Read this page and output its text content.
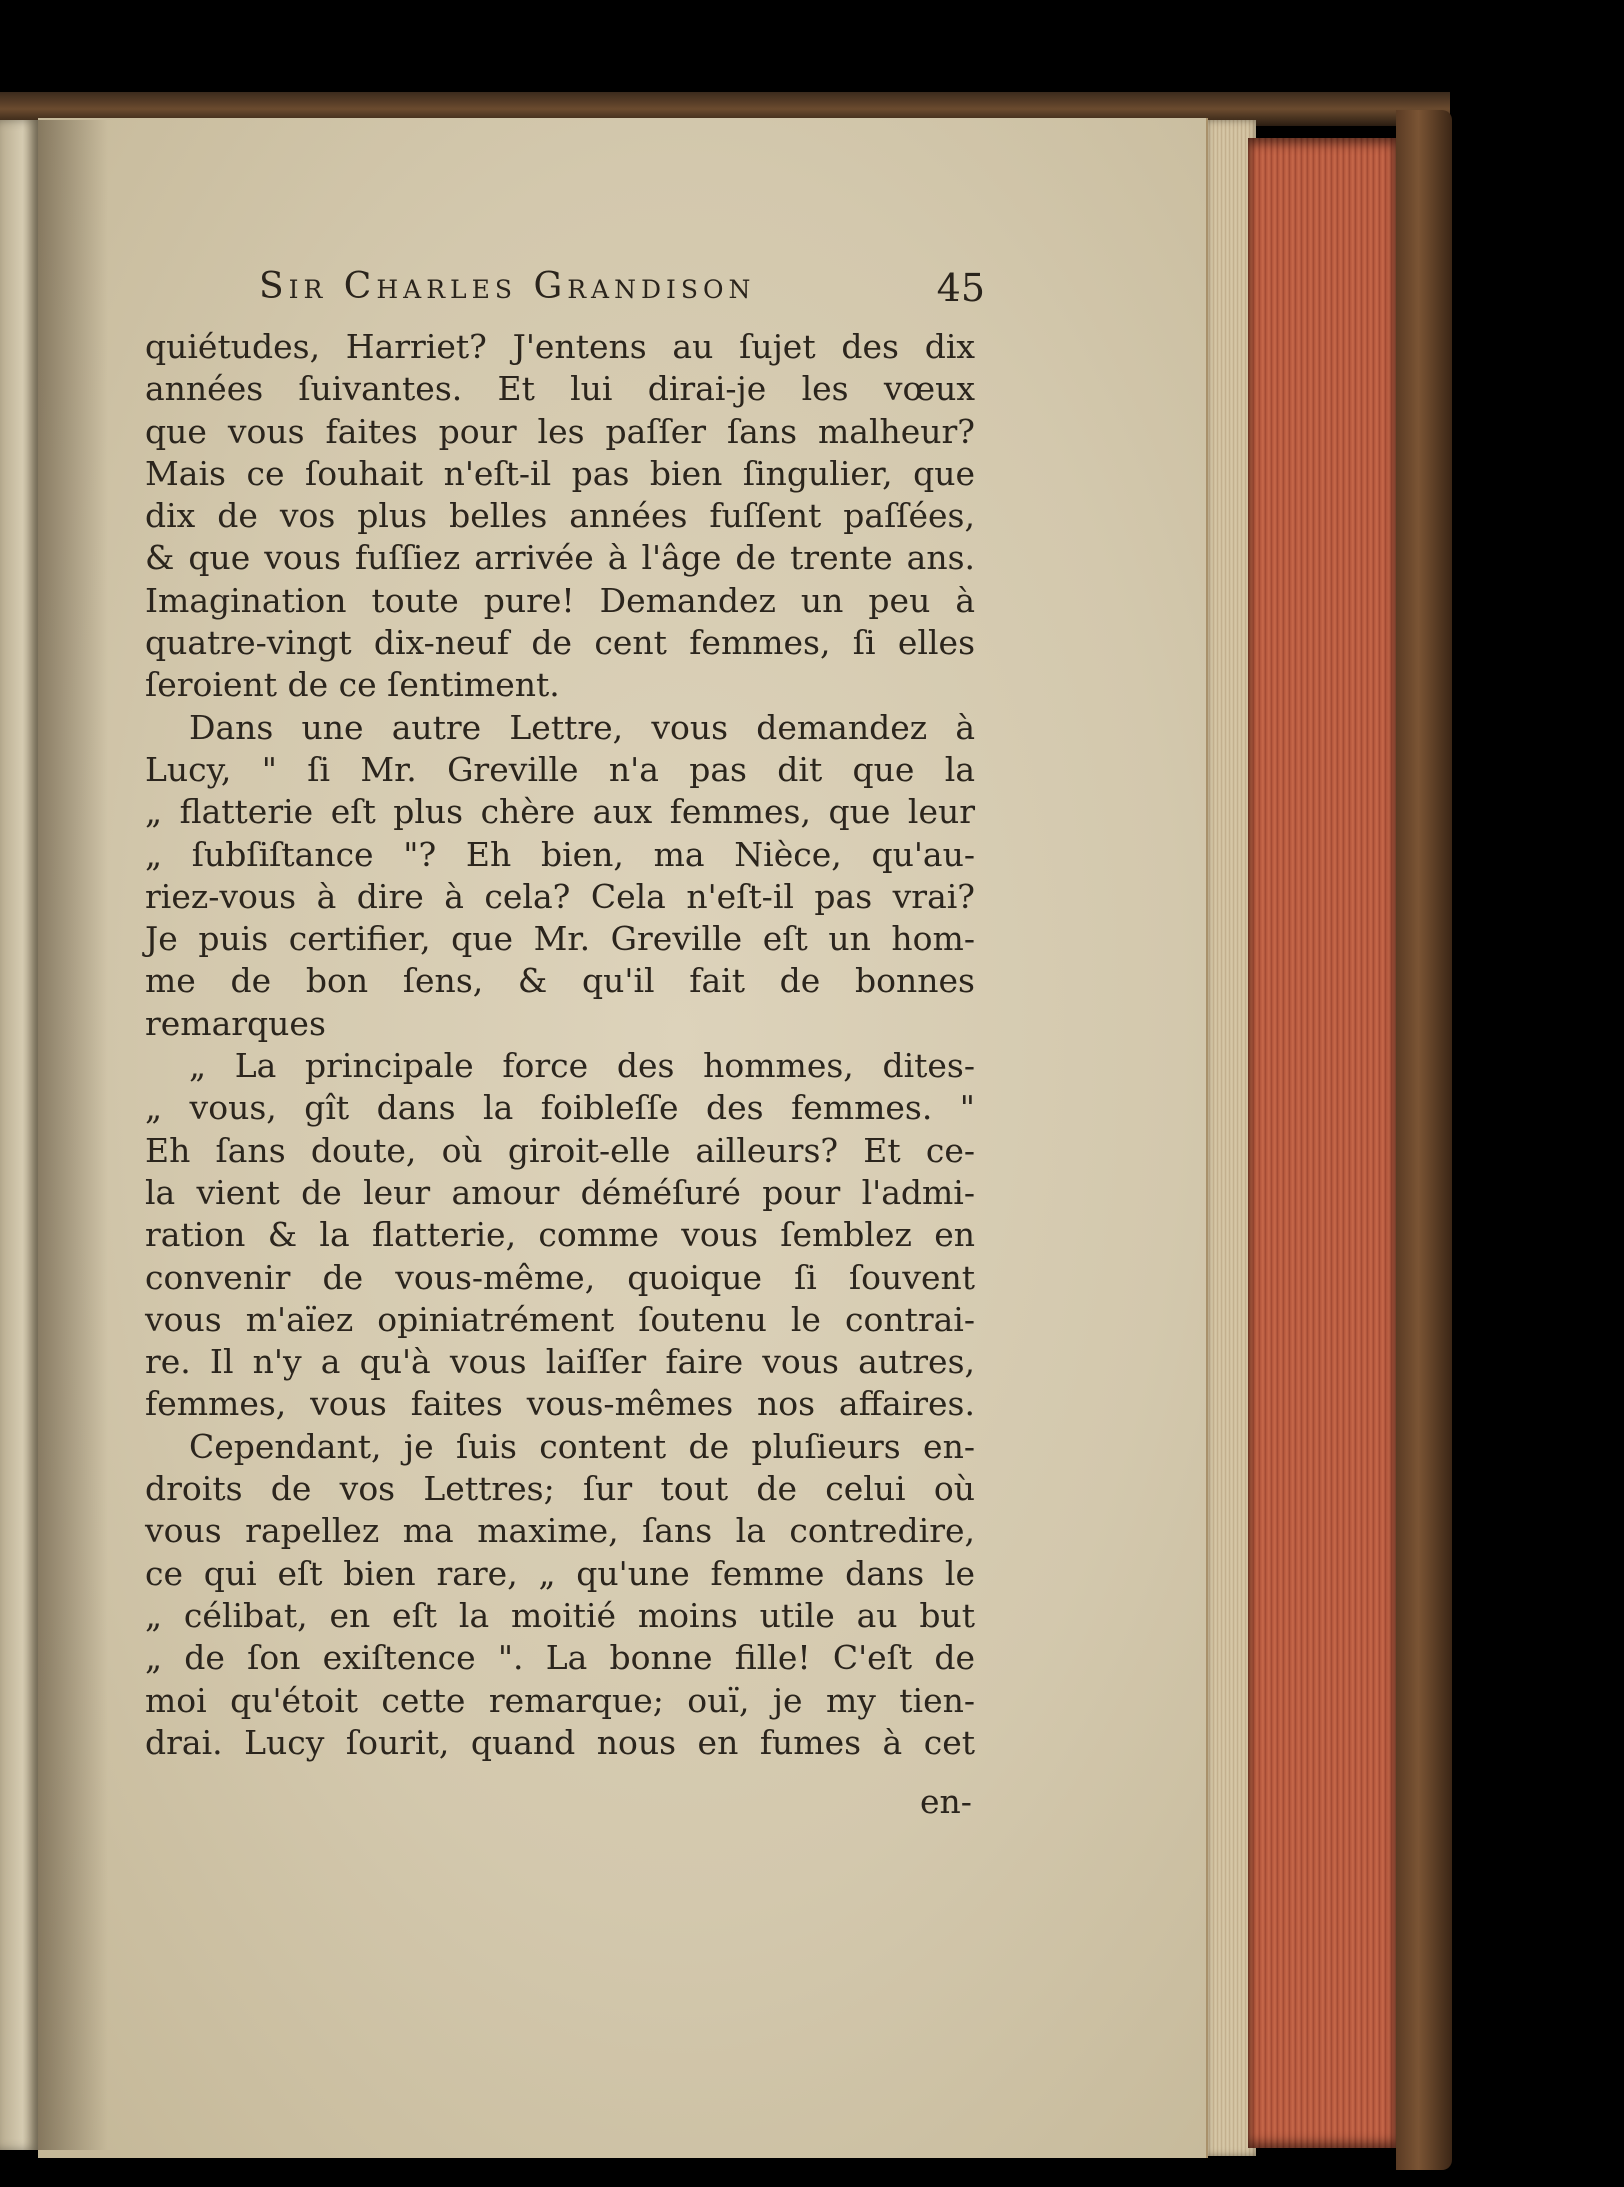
Sir Charles Grandison	45
quiétudes, Harriet? J'entens au ſujet des dix
années ſuivantes. Et lui dirai-je les vœux
que vous faites pour les paſſer ſans malheur?
Mais ce ſouhait n'eſt-il pas bien ſingulier, que
dix de vos plus belles années fuſſent paſſées,
& que vous fuſſiez arrivée à l'âge de trente ans.
Imagination toute pure! Demandez un peu à
quatre-vingt dix-neuf de cent femmes, ſi elles
ſeroient de ce ſentiment.
Dans une autre Lettre, vous demandez à
Lucy, " ſi Mr. Greville n'a pas dit que la
„ flatterie eſt plus chère aux femmes, que leur
„ ſubſiſtance "? Eh bien, ma Nièce, qu'au-
riez-vous à dire à cela? Cela n'eſt-il pas vrai?
Je puis certifier, que Mr. Greville eſt un hom-
me de bon ſens, & qu'il fait de bonnes
remarques
„ La principale force des hommes, dites-
„ vous, gît dans la foibleſſe des femmes. "
Eh ſans doute, où giroit-elle ailleurs? Et ce-
la vient de leur amour déméſuré pour l'admi-
ration & la flatterie, comme vous ſemblez en
convenir de vous-même, quoique ſi ſouvent
vous m'aïez opiniatrément ſoutenu le contrai-
re. Il n'y a qu'à vous laiſſer faire vous autres,
femmes, vous faites vous-mêmes nos affaires.
Cependant, je ſuis content de pluſieurs en-
droits de vos Lettres; ſur tout de celui où
vous rapellez ma maxime, ſans la contredire,
ce qui eſt bien rare, „ qu'une femme dans le
„ célibat, en eſt la moitié moins utile au but
„ de ſon exiſtence ". La bonne fille! C'eſt de
moi qu'étoit cette remarque; ouï, je my tien-
drai. Lucy ſourit, quand nous en fumes à cet
en-
